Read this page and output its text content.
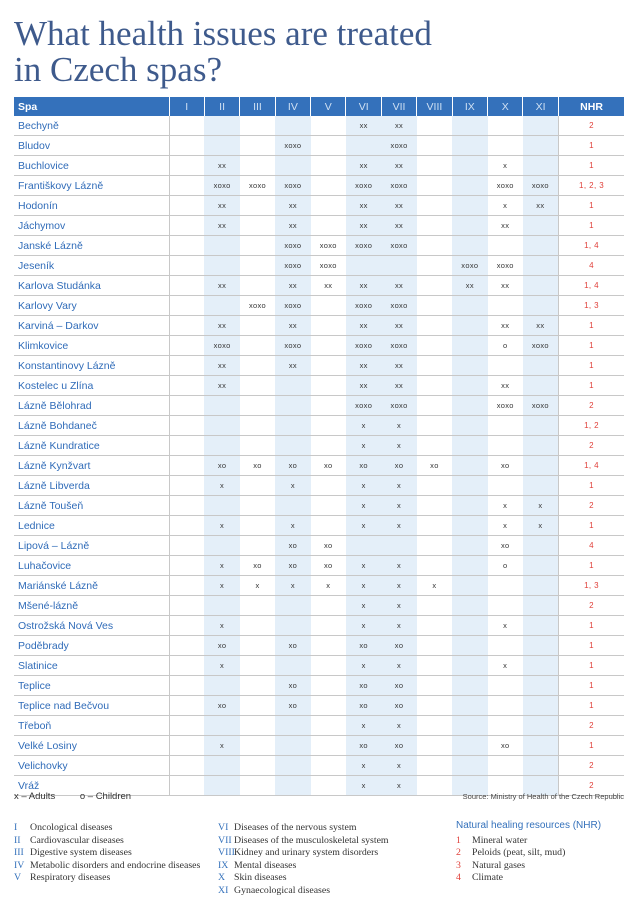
What health issues are treated
in Czech spas?
Spa	I	II	III	IV	V	VI	VII	VIII	IX	X	XI	NHR
Bechyně						xx	xx					2
Bludov				xoxo			xoxo					1
Buchlovice		xx				xx	xx			x		1
Františkovy Lázně		xoxo	xoxo	xoxo		xoxo	xoxo			xoxo	xoxo	1, 2, 3
Hodonín		xx		xx		xx	xx			x	xx	1
Jáchymov		xx		xx		xx	xx			xx		1
Janské Lázně				xoxo	xoxo	xoxo	xoxo					1, 4
Jeseník				xoxo	xoxo				xoxo	xoxo		4
Karlova Studánka		xx		xx	xx	xx	xx		xx	xx		1, 4
Karlovy Vary			xoxo	xoxo		xoxo	xoxo					1, 3
Karviná – Darkov		xx		xx		xx	xx			xx	xx	1
Klimkovice		xoxo		xoxo		xoxo	xoxo			o	xoxo	1
Konstantinovy Lázně		xx		xx		xx	xx					1
Kostelec u Zlína		xx				xx	xx			xx		1
Lázně Bělohrad						xoxo	xoxo			xoxo	xoxo	2
Lázně Bohdaneč						x	x					1, 2
Lázně Kundratice						x	x					2
Lázně Kynžvart		xo	xo	xo	xo	xo	xo	xo		xo		1, 4
Lázně Libverda		x		x		x	x					1
Lázně Toušeň						x	x			x	x	2
Lednice		x		x		x	x			x	x	1
Lipová – Lázně				xo	xo					xo		4
Luhačovice		x	xo	xo	xo	x	x			o		1
Mariánské Lázně		x	x	x	x	x	x	x				1, 3
Mšené-lázně						x	x					2
Ostrožská Nová Ves		x				x	x			x		1
Poděbrady		xo		xo		xo	xo					1
Slatinice		x				x	x			x		1
Teplice				xo		xo	xo					1
Teplice nad Bečvou		xo		xo		xo	xo					1
Třeboň						x	x					2
Velké Losiny		x				xo	xo			xo		1
Velichovky						x	x					2
Vráž						x	x					2
x – Adults	o – Children	Source: Ministry of Health of the Czech Republic
I	Oncological diseases
II Cardiovascular diseases
III Digestive system diseases
IV Metabolic disorders and endocrine diseases
V Respiratory diseases
VI Diseases of the nervous system
VII Diseases of the musculoskeletal system
VIII Kidney and urinary system disorders
IX Mental diseases
X Skin diseases
XI Gynaecological diseases
Natural healing resources (NHR)
1	Mineral water
2	Peloids (peat, silt, mud)
3	Natural gases
4	Climate
